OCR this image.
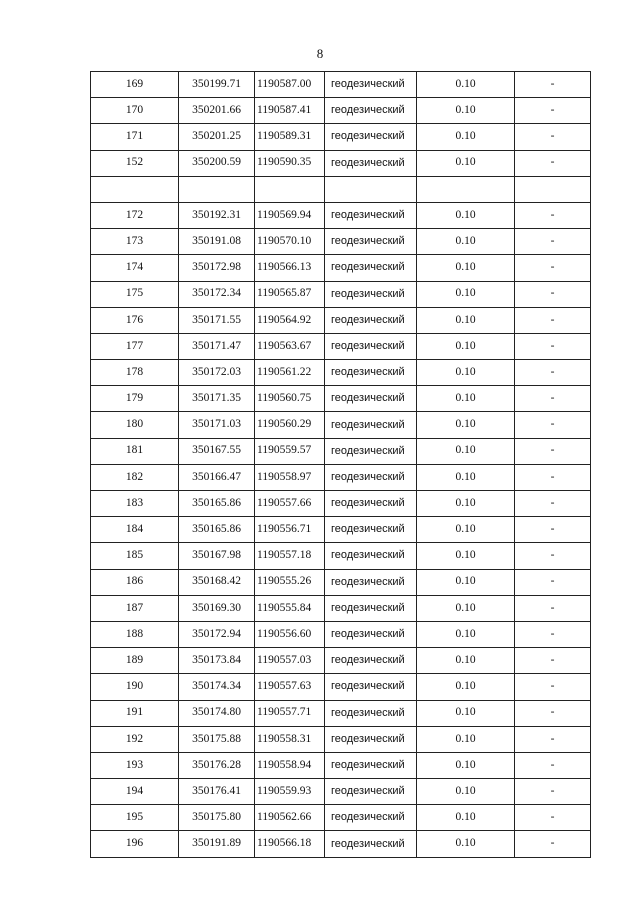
8
169	350199.71	1190587.00	геодезический	0.10	-
170	350201.66	1190587.41	геодезический	0.10	-
171	350201.25	1190589.31	геодезический	0.10	-
152	350200.59	1190590.35	геодезический	0.10	-

172	350192.31	1190569.94	геодезический	0.10	-
173	350191.08	1190570.10	геодезический	0.10	-
174	350172.98	1190566.13	геодезический	0.10	-
175	350172.34	1190565.87	геодезический	0.10	-
176	350171.55	1190564.92	геодезический	0.10	-
177	350171.47	1190563.67	геодезический	0.10	-
178	350172.03	1190561.22	геодезический	0.10	-
179	350171.35	1190560.75	геодезический	0.10	-
180	350171.03	1190560.29	геодезический	0.10	-
181	350167.55	1190559.57	геодезический	0.10	-
182	350166.47	1190558.97	геодезический	0.10	-
183	350165.86	1190557.66	геодезический	0.10	-
184	350165.86	1190556.71	геодезический	0.10	-
185	350167.98	1190557.18	геодезический	0.10	-
186	350168.42	1190555.26	геодезический	0.10	-
187	350169.30	1190555.84	геодезический	0.10	-
188	350172.94	1190556.60	геодезический	0.10	-
189	350173.84	1190557.03	геодезический	0.10	-
190	350174.34	1190557.63	геодезический	0.10	-
191	350174.80	1190557.71	геодезический	0.10	-
192	350175.88	1190558.31	геодезический	0.10	-
193	350176.28	1190558.94	геодезический	0.10	-
194	350176.41	1190559.93	геодезический	0.10	-
195	350175.80	1190562.66	геодезический	0.10	-
196	350191.89	1190566.18	геодезический	0.10	-
